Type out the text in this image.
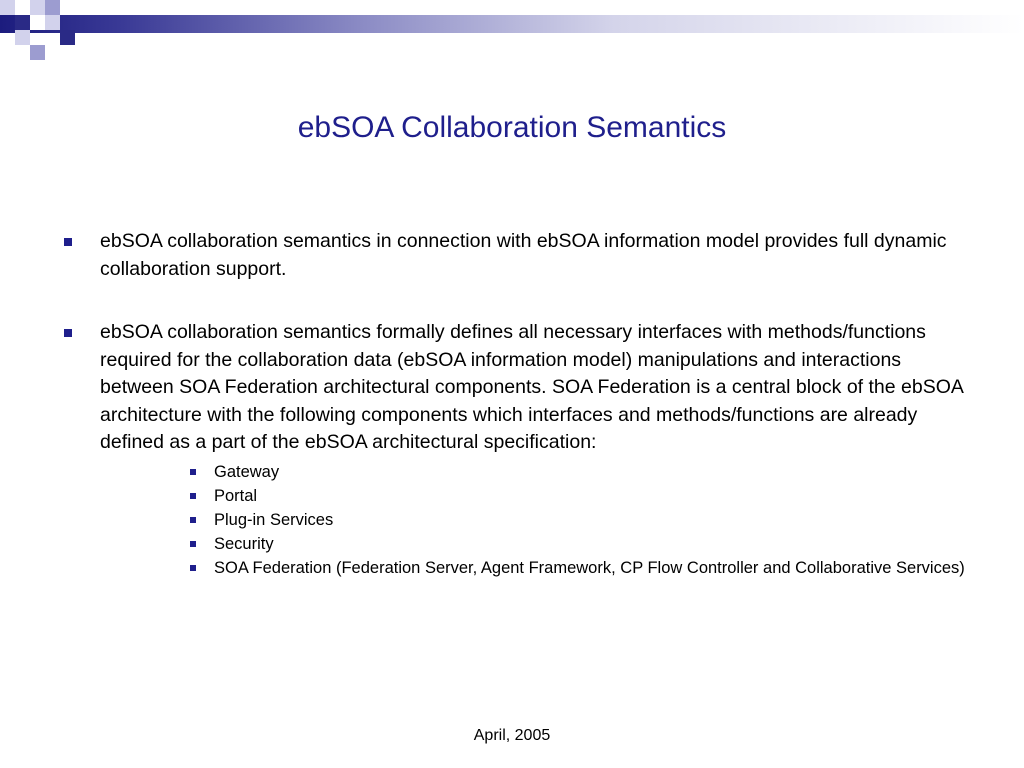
ebSOA Collaboration Semantics
ebSOA collaboration semantics in connection with ebSOA information model provides full dynamic collaboration support.
ebSOA collaboration semantics formally defines all necessary interfaces with methods/functions required for the collaboration data (ebSOA information model) manipulations and interactions between SOA Federation architectural components. SOA Federation is a central block of the ebSOA architecture with the following components which interfaces and methods/functions are already defined as a part of the ebSOA architectural specification:
Gateway
Portal
Plug-in Services
Security
SOA Federation (Federation Server, Agent Framework, CP Flow Controller and Collaborative Services)
April, 2005
